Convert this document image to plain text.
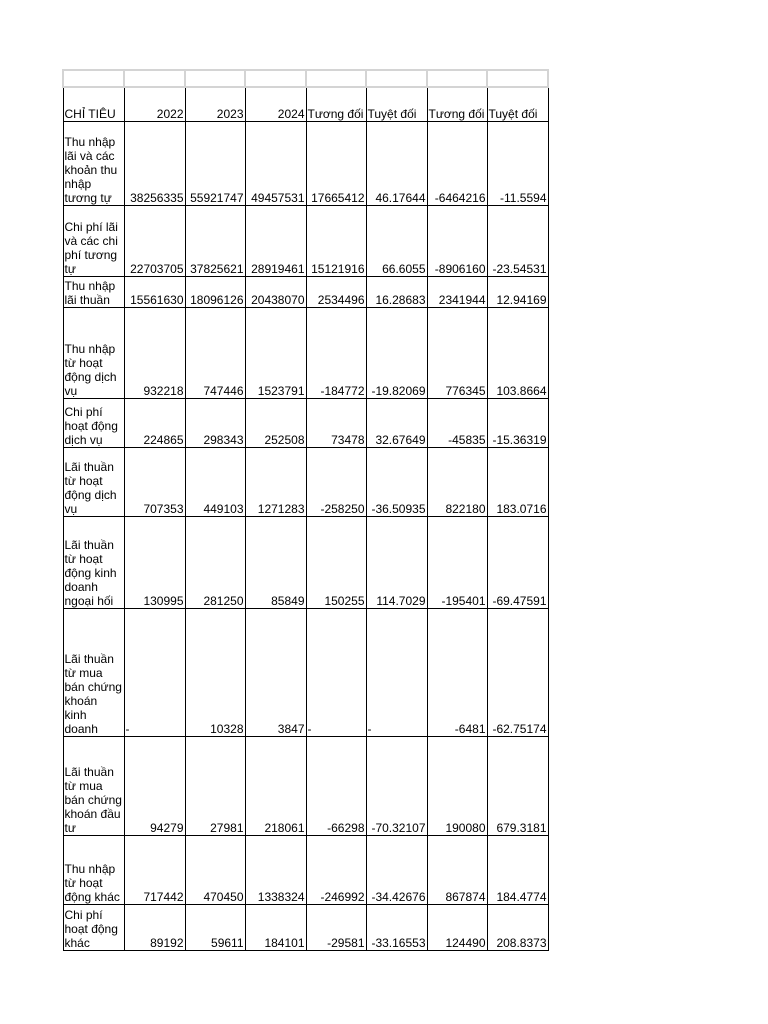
CHỈ TIÊU	2022	2023	2024	Tương đối	Tuyệt đối	Tương đối	Tuyệt đối
Thu nhập lãi và các khoản thu nhập tương tự	38256335	55921747	49457531	17665412	46.17644	-6464216	-11.5594
Chi phí lãi và các chi phí tương tự	22703705	37825621	28919461	15121916	66.6055	-8906160	-23.54531
Thu nhập lãi thuần	15561630	18096126	20438070	2534496	16.28683	2341944	12.94169
Thu nhập từ hoạt động dịch vụ	932218	747446	1523791	-184772	-19.82069	776345	103.8664
Chi phí hoạt động dịch vụ	224865	298343	252508	73478	32.67649	-45835	-15.36319
Lãi thuần từ hoạt động dịch vụ	707353	449103	1271283	-258250	-36.50935	822180	183.0716
Lãi thuần từ hoạt động kinh doanh ngoại hối	130995	281250	85849	150255	114.7029	-195401	-69.47591
Lãi thuần từ mua bán chứng khoán kinh doanh	-	10328	3847	-	-	-6481	-62.75174
Lãi thuần từ mua bán chứng khoán đầu tư	94279	27981	218061	-66298	-70.32107	190080	679.3181
Thu nhập từ hoạt động khác	717442	470450	1338324	-246992	-34.42676	867874	184.4774
Chi phí hoạt động khác	89192	59611	184101	-29581	-33.16553	124490	208.8373
